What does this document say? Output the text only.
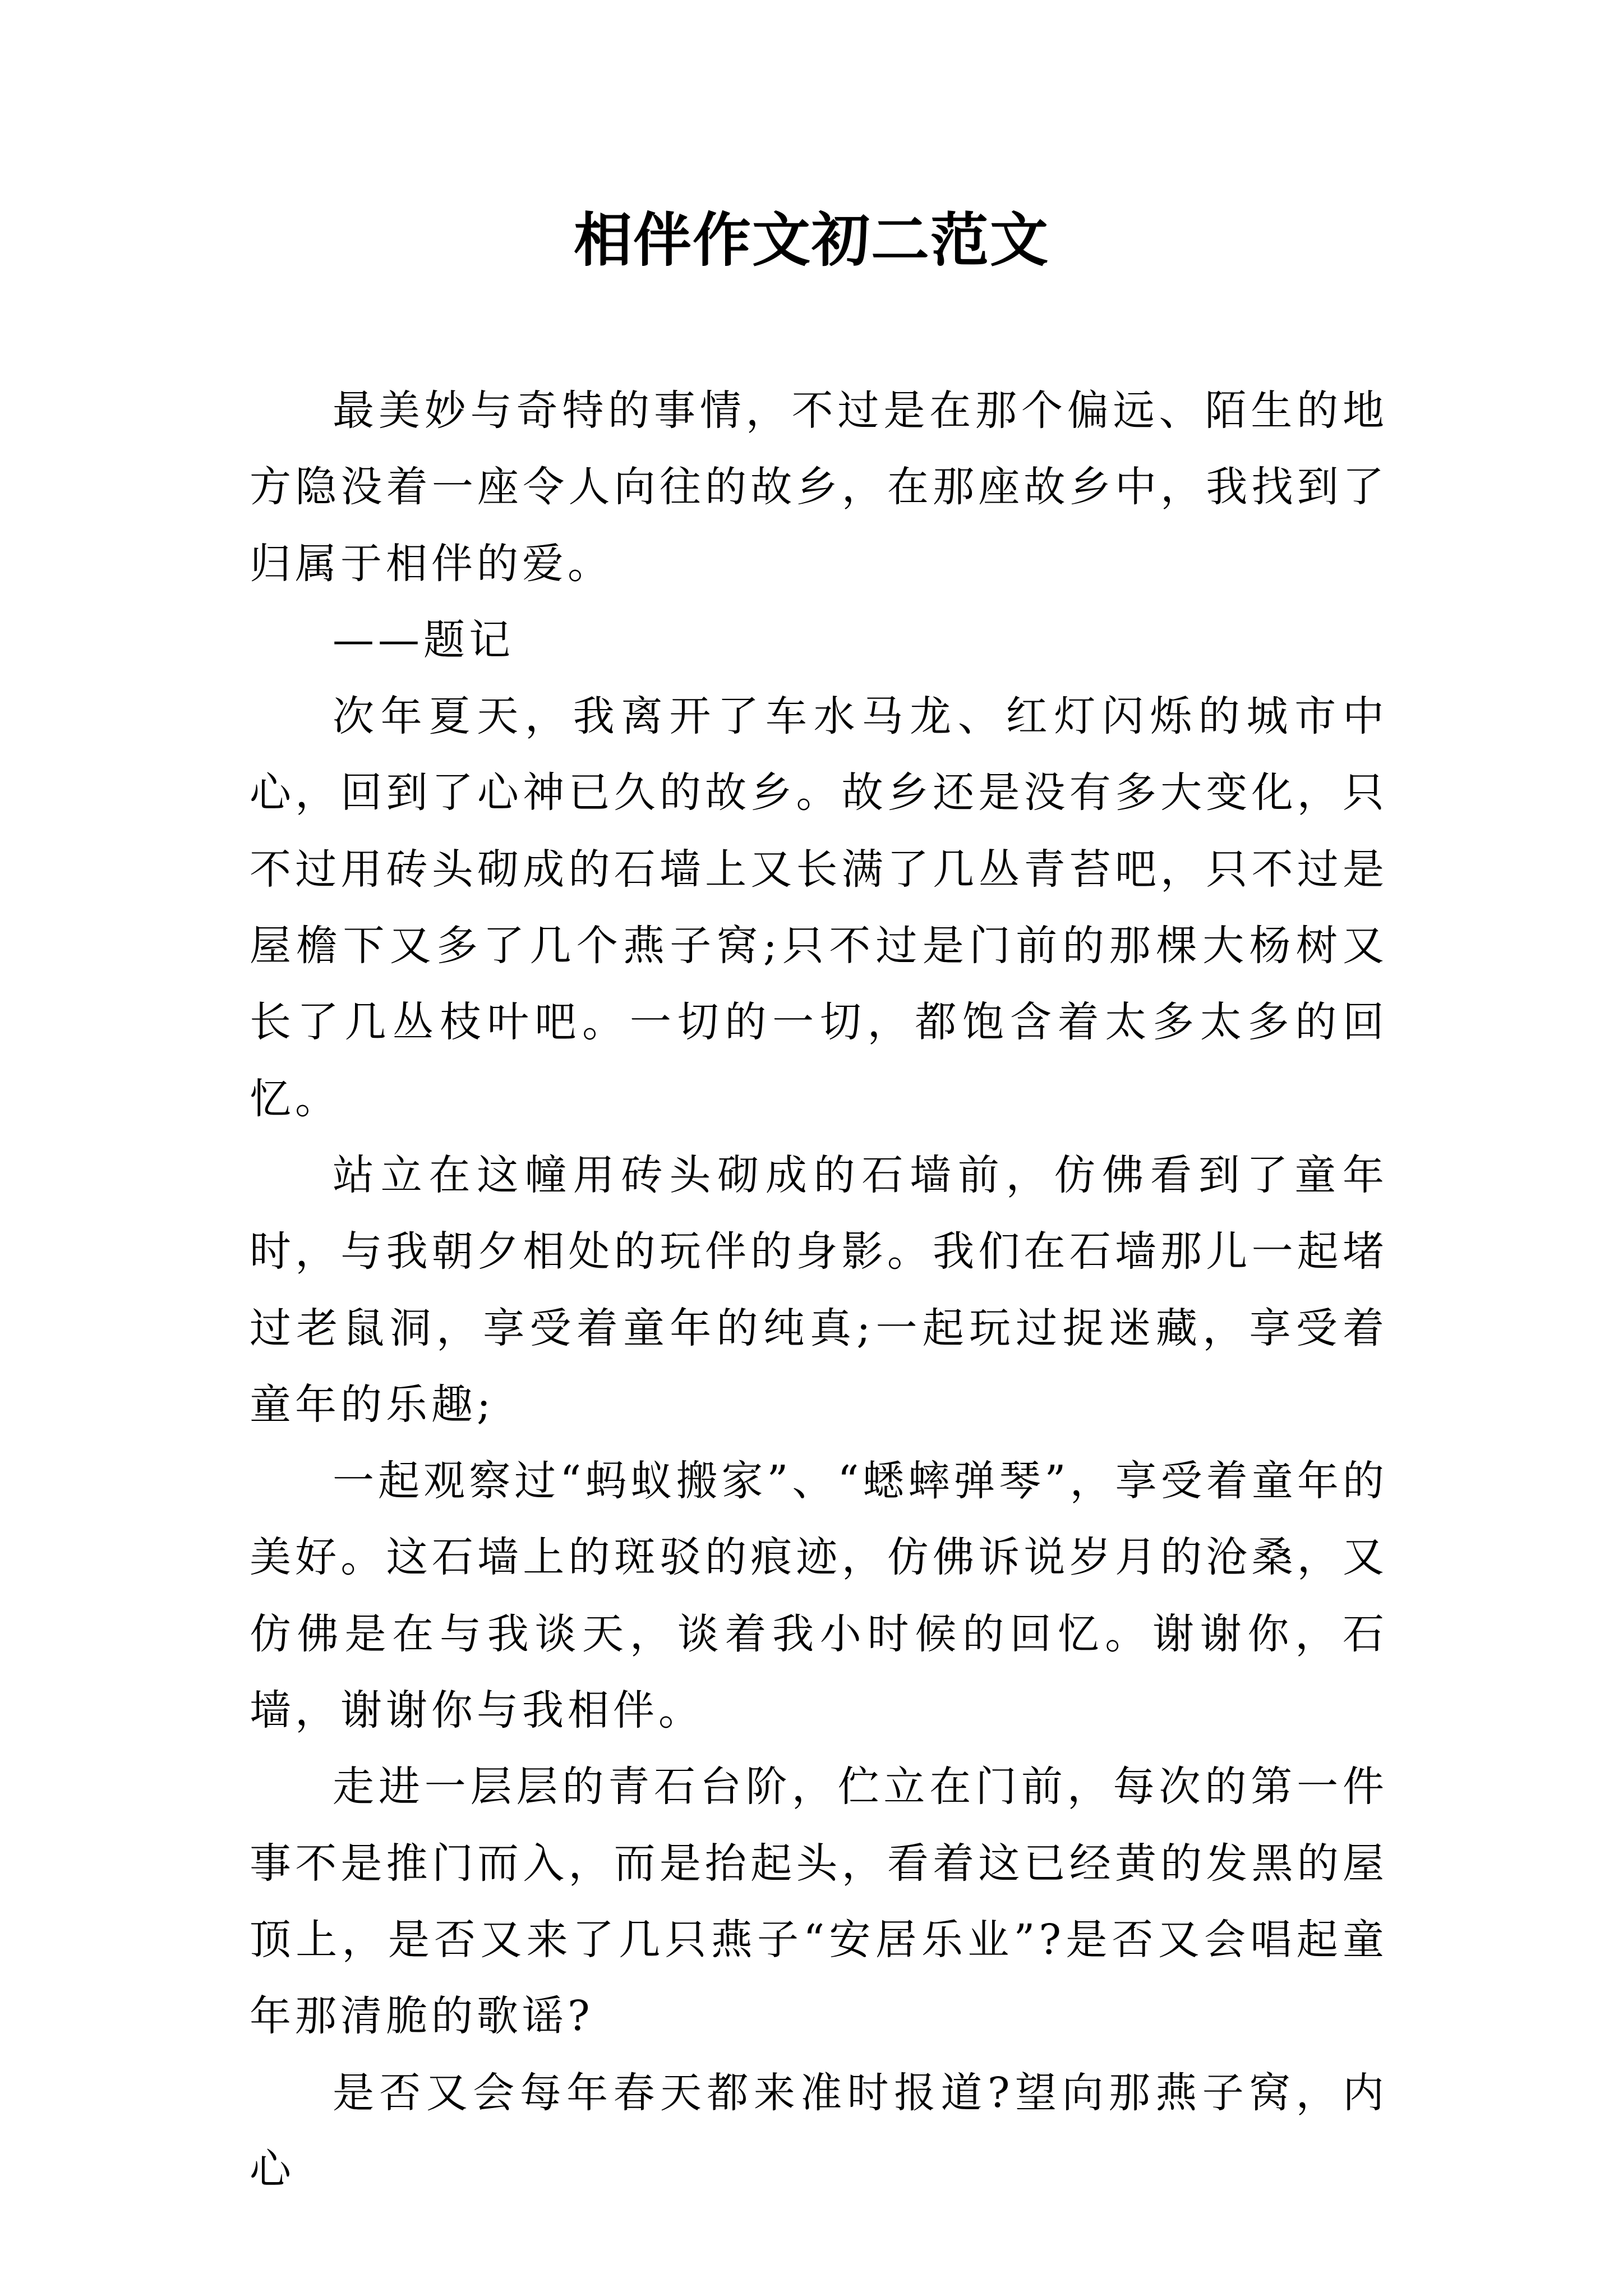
相伴作文初二范文

最美妙与奇特的事情，不过是在那个偏远、陌生的地方隐没着一座令人向往的故乡，在那座故乡中，我找到了归属于相伴的爱。

——题记

次年夏天，我离开了车水马龙、红灯闪烁的城市中心，回到了心神已久的故乡。故乡还是没有多大变化，只不过用砖头砌成的石墙上又长满了几丛青苔吧，只不过是屋檐下又多了几个燕子窝;只不过是门前的那棵大杨树又长了几丛枝叶吧。一切的一切，都饱含着太多太多的回忆。

站立在这幢用砖头砌成的石墙前，仿佛看到了童年时，与我朝夕相处的玩伴的身影。我们在石墙那儿一起堵过老鼠洞，享受着童年的纯真;一起玩过捉迷藏，享受着童年的乐趣;

一起观察过“蚂蚁搬家”、“蟋蟀弹琴”，享受着童年的美好。这石墙上的斑驳的痕迹，仿佛诉说岁月的沧桑，又仿佛是在与我谈天，谈着我小时候的回忆。谢谢你，石墙，谢谢你与我相伴。

走进一层层的青石台阶，伫立在门前，每次的第一件事不是推门而入，而是抬起头，看着这已经黄的发黑的屋顶上，是否又来了几只燕子“安居乐业”?是否又会唱起童年那清脆的歌谣?

是否又会每年春天都来准时报道?望向那燕子窝，内心
